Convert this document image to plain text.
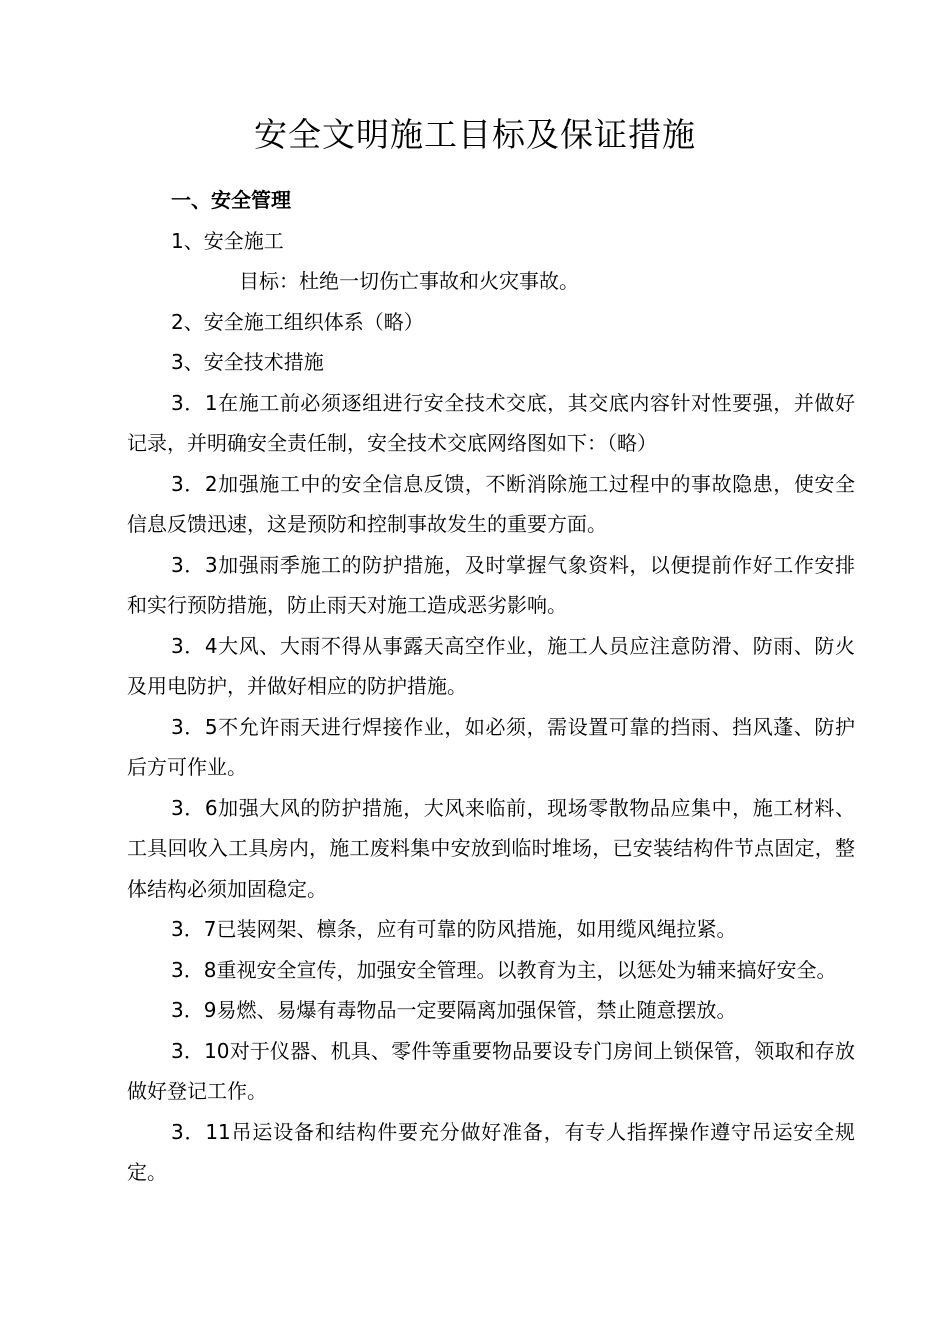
安全文明施工目标及保证措施

一、安全管理

1、安全施工

目标：杜绝一切伤亡事故和火灾事故。

2、安全施工组织体系（略）

3、安全技术措施

3．1在施工前必须逐组进行安全技术交底，其交底内容针对性要强，并做好记录，并明确安全责任制，安全技术交底网络图如下：（略）

3．2加强施工中的安全信息反馈，不断消除施工过程中的事故隐患，使安全信息反馈迅速，这是预防和控制事故发生的重要方面。

3．3加强雨季施工的防护措施，及时掌握气象资料，以便提前作好工作安排和实行预防措施，防止雨天对施工造成恶劣影响。

3．4大风、大雨不得从事露天高空作业，施工人员应注意防滑、防雨、防火及用电防护，并做好相应的防护措施。

3．5不允许雨天进行焊接作业，如必须，需设置可靠的挡雨、挡风蓬、防护后方可作业。

3．6加强大风的防护措施，大风来临前，现场零散物品应集中，施工材料、工具回收入工具房内，施工废料集中安放到临时堆场，已安装结构件节点固定，整体结构必须加固稳定。

3．7已装网架、檩条，应有可靠的防风措施，如用缆风绳拉紧。

3．8重视安全宣传，加强安全管理。以教育为主，以惩处为辅来搞好安全。

3．9易燃、易爆有毒物品一定要隔离加强保管，禁止随意摆放。

3．10对于仪器、机具、零件等重要物品要设专门房间上锁保管，领取和存放做好登记工作。

3．11吊运设备和结构件要充分做好准备，有专人指挥操作遵守吊运安全规定。
